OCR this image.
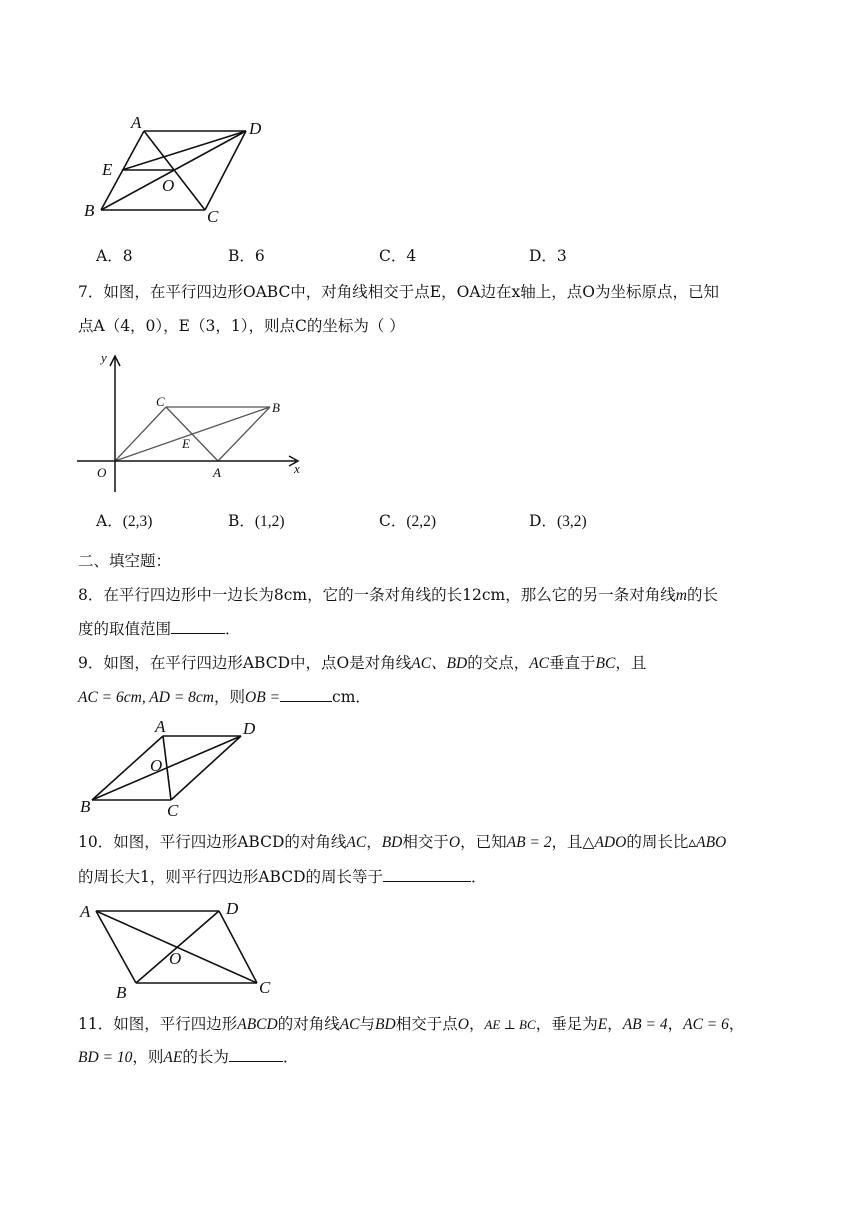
A	D
E
O
B	C
A．8	B．6	C．4	D．3
7．如图，在平行四边形OABC中，对角线相交于点E，OA边在x轴上，点O为坐标原点，已知
点A（4，0），E（3，1），则点C的坐标为（ ）
y
x
O	A
B
C
E
A．(2,3)	B．(1,2)	C．(2,2)	D．(3,2)
二、填空题：
8．在平行四边形中一边长为8cm，它的一条对角线的长12cm，那么它的另一条对角线m的长
度的取值范围	．
9．如图，在平行四边形ABCD中，点O是对角线AC、BD的交点，AC垂直于BC，且
AC = 6cm, AD = 8cm，则OB =	cm．
A	D
O
B	C
10．如图，平行四边形ABCD的对角线AC，BD相交于O，已知AB = 2，且△ADO的周长比▵ABO
的周长大1，则平行四边形ABCD的周长等于	．
A	D
O
B	C
11．如图，平行四边形ABCD的对角线AC与BD相交于点O，AE ⊥ BC，垂足为E，AB = 4，AC = 6，
BD = 10，则AE的长为	．
